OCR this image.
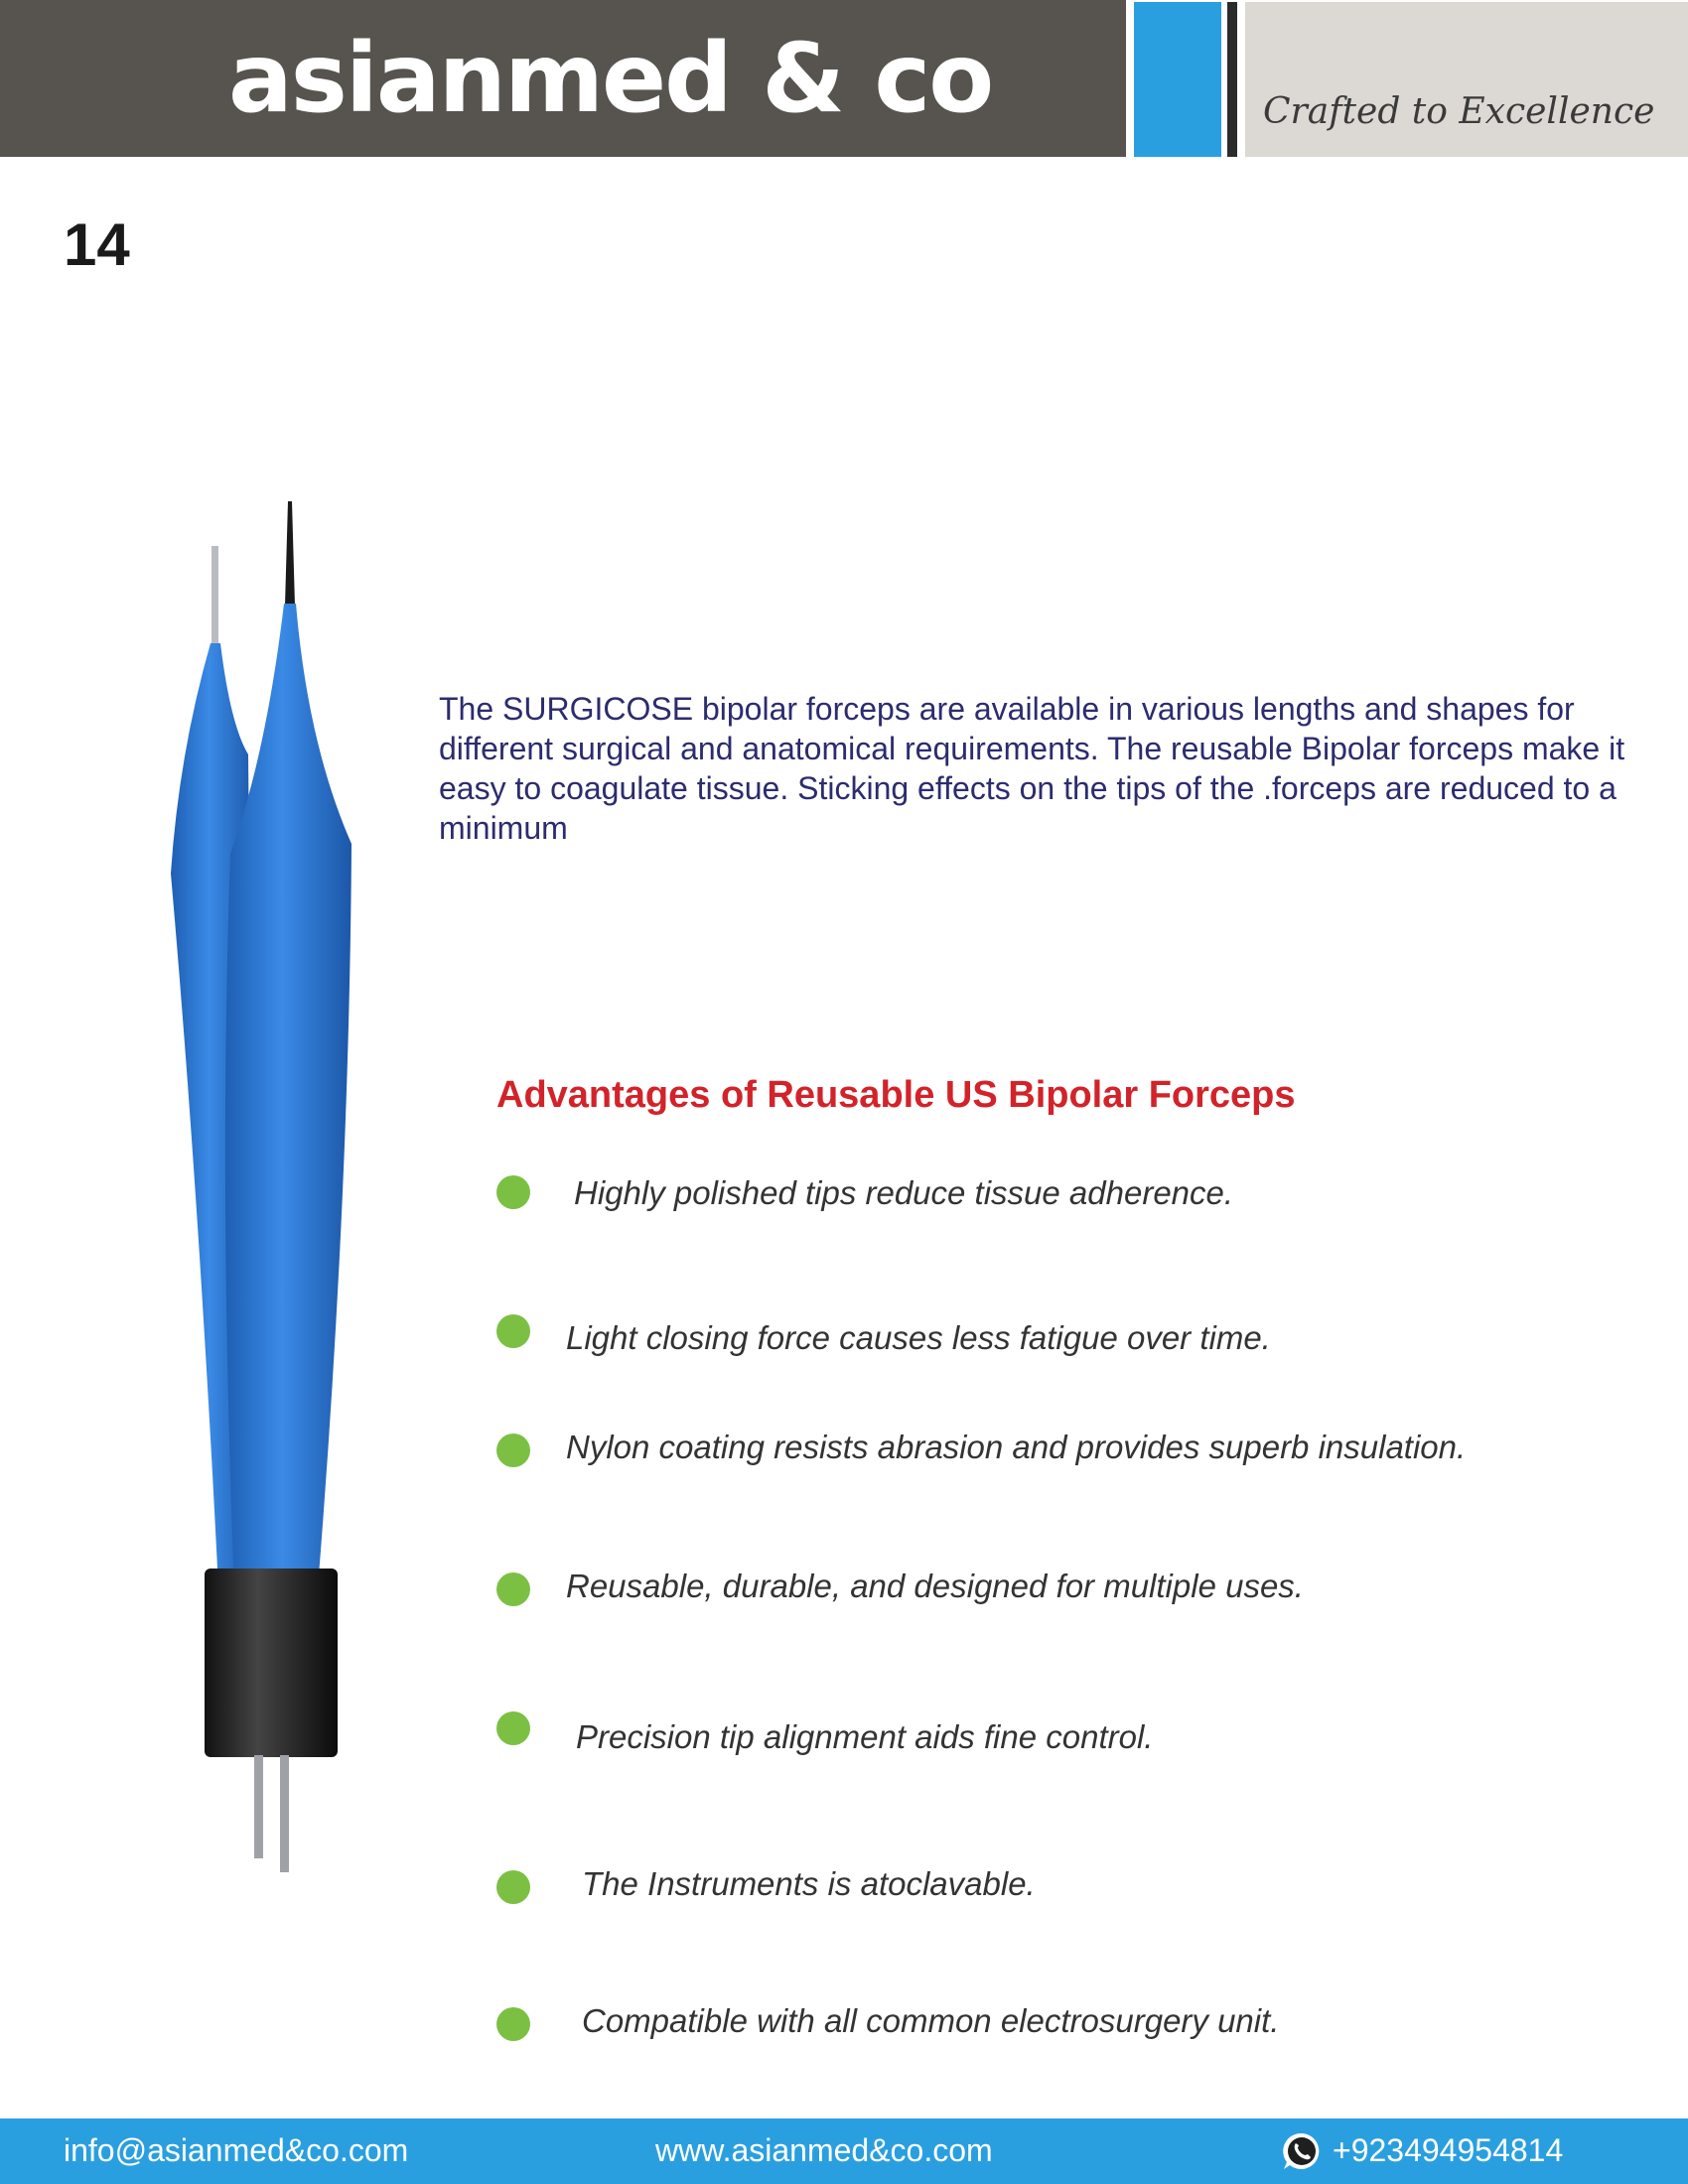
asianmed & co	Crafted to Excellence
14
The SURGICOSE bipolar forceps are available in various lengths and shapes for different surgical and anatomical requirements. The reusable Bipolar forceps make it easy to coagulate tissue. Sticking effects on the tips of the .forceps are reduced to a minimum
Advantages of Reusable US Bipolar Forceps
Highly polished tips reduce tissue adherence.
Light closing force causes less fatigue over time.
Nylon coating resists abrasion and provides superb insulation.
Reusable, durable, and designed for multiple uses.
Precision tip alignment aids fine control.
The Instruments is atoclavable.
Compatible with all common electrosurgery unit.
info@asianmed&co.com	www.asianmed&co.com	+923494954814
